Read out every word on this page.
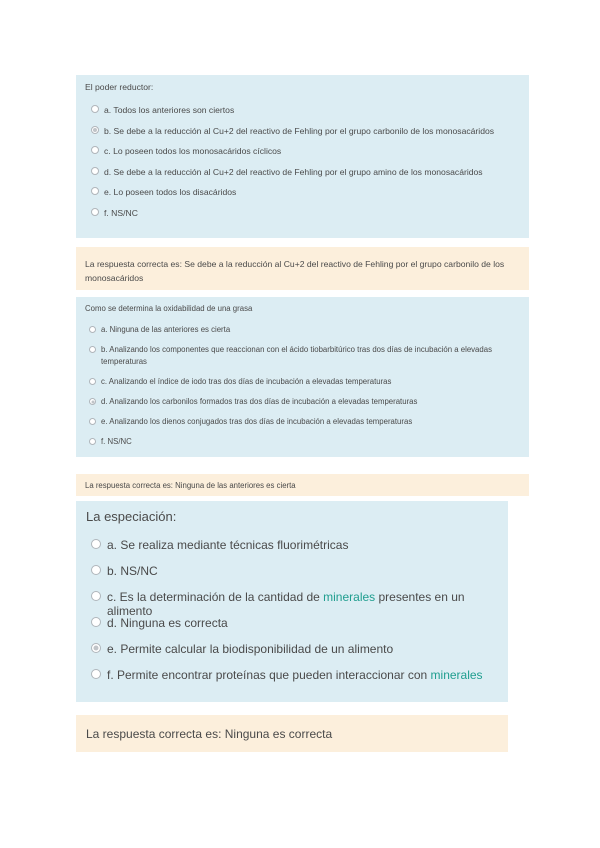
El poder reductor:

a. Todos los anteriores son ciertos
b. Se debe a la reducción al Cu+2 del reactivo de Fehling por el grupo carbonilo de los monosacáridos
c. Lo poseen todos los monosacáridos cíclicos
d. Se debe a la reducción al Cu+2 del reactivo de Fehling por el grupo amino de los monosacáridos
e. Lo poseen todos los disacáridos
f. NS/NC
La respuesta correcta es: Se debe a la reducción al Cu+2 del reactivo de Fehling por el grupo carbonilo de los monosacáridos

Como se determina la oxidabilidad de una grasa

a. Ninguna de las anteriores es cierta
b. Analizando los componentes que reaccionan con el ácido tiobarbitúrico tras dos días de incubación a elevadas temperaturas
c. Analizando el índice de iodo tras dos días de incubación a elevadas temperaturas
d. Analizando los carbonilos formados tras dos días de incubación a elevadas temperaturas
e. Analizando los dienos conjugados tras dos días de incubación a elevadas temperaturas
f. NS/NC
La respuesta correcta es: Ninguna de las anteriores es cierta

La especiación:

a. Se realiza mediante técnicas fluorimétricas
b. NS/NC
c. Es la determinación de la cantidad de minerales presentes en un alimento
d. Ninguna es correcta
e. Permite calcular la biodisponibilidad de un alimento
f. Permite encontrar proteínas que pueden interaccionar con minerales
La respuesta correcta es: Ninguna es correcta
